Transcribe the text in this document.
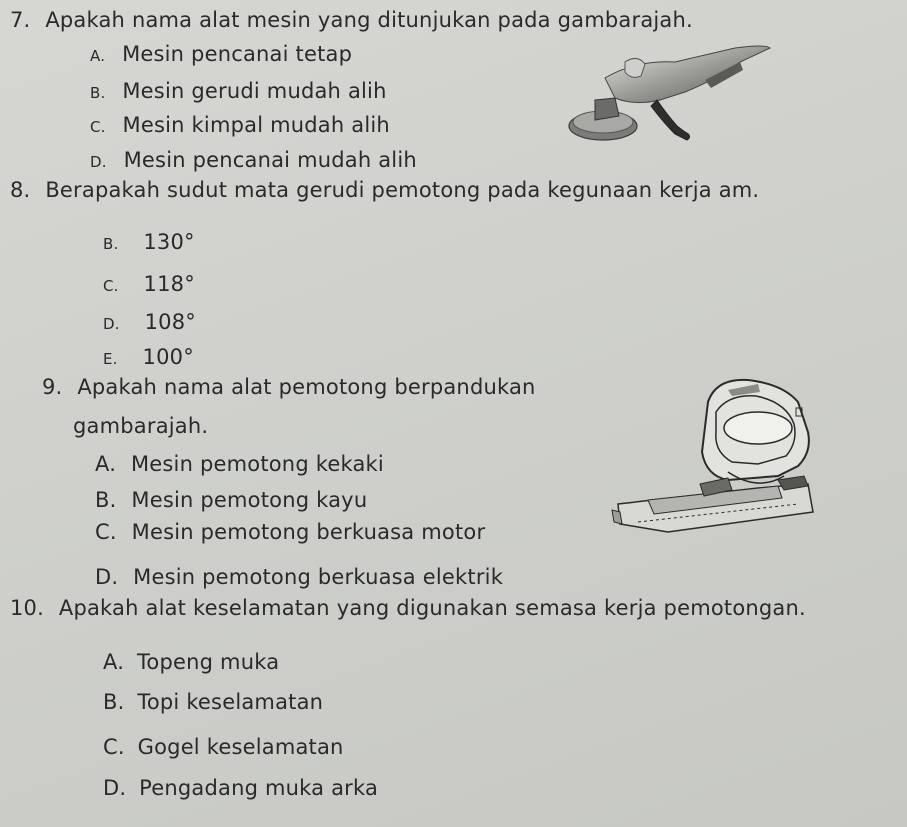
7. Apakah nama alat mesin yang ditunjukan pada gambarajah.
A. Mesin pencanai tetap
B. Mesin gerudi mudah alih
C. Mesin kimpal mudah alih
D. Mesin pencanai mudah alih
8. Berapakah sudut mata gerudi pemotong pada kegunaan kerja am.
B. 130°
C. 118°
D. 108°
E. 100°
9. Apakah nama alat pemotong berpandukan
gambarajah.
A. Mesin pemotong kekaki
B. Mesin pemotong kayu
C. Mesin pemotong berkuasa motor
D. Mesin pemotong berkuasa elektrik
10. Apakah alat keselamatan yang digunakan semasa kerja pemotongan.
A. Topeng muka
B. Topi keselamatan
C. Gogel keselamatan
D. Pengadang muka arka
